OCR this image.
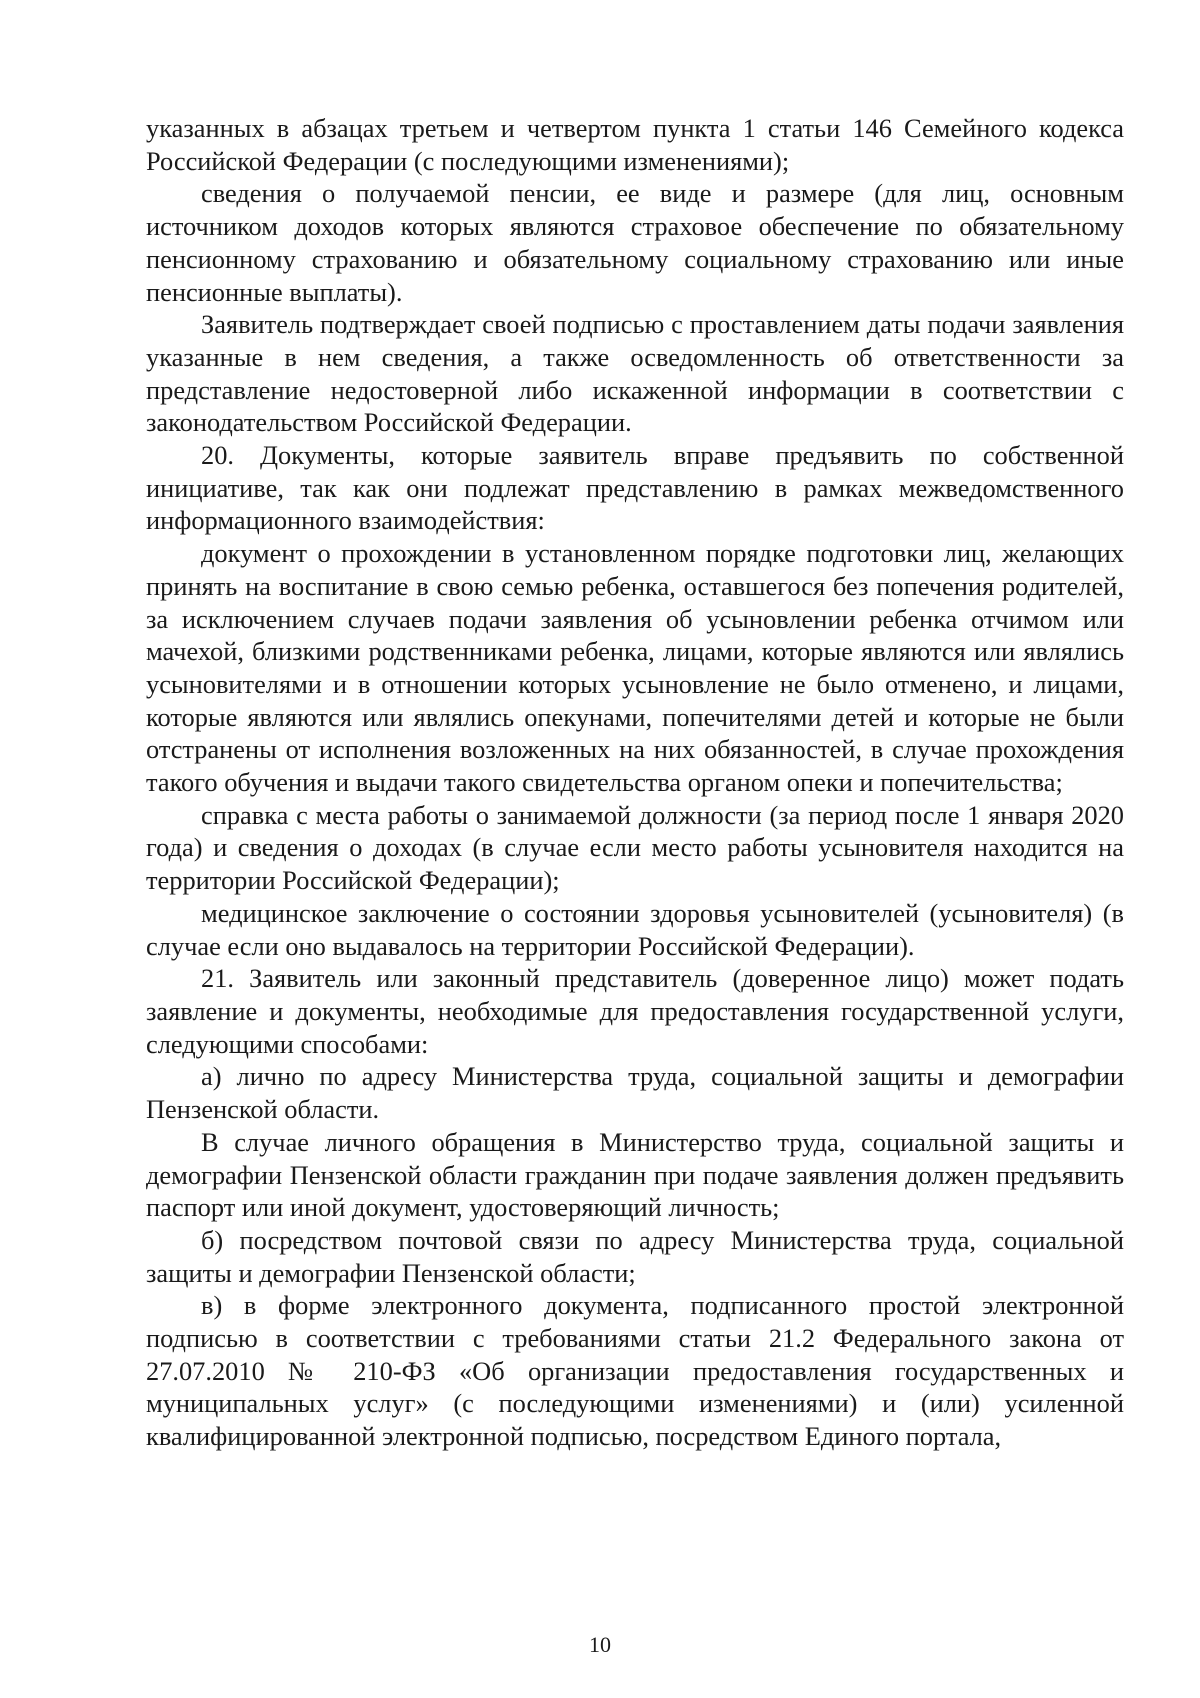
указанных в абзацах третьем и четвертом пункта 1 статьи 146 Семейного кодекса Российской Федерации (с последующими изменениями);

сведения о получаемой пенсии, ее виде и размере (для лиц, основным источником доходов которых являются страховое обеспечение по обязательному пенсионному страхованию и обязательному социальному страхованию или иные пенсионные выплаты).

Заявитель подтверждает своей подписью с проставлением даты подачи заявления указанные в нем сведения, а также осведомленность об ответственности за представление недостоверной либо искаженной информации в соответствии с законодательством Российской Федерации.

20. Документы, которые заявитель вправе предъявить по собственной инициативе, так как они подлежат представлению в рамках межведомственного информационного взаимодействия:

документ о прохождении в установленном порядке подготовки лиц, желающих принять на воспитание в свою семью ребенка, оставшегося без попечения родителей, за исключением случаев подачи заявления об усыновлении ребенка отчимом или мачехой, близкими родственниками ребенка, лицами, которые являются или являлись усыновителями и в отношении которых усыновление не было отменено, и лицами, которые являются или являлись опекунами, попечителями детей и которые не были отстранены от исполнения возложенных на них обязанностей, в случае прохождения такого обучения и выдачи такого свидетельства органом опеки и попечительства;

справка с места работы о занимаемой должности (за период после 1 января 2020 года) и сведения о доходах (в случае если место работы усыновителя находится на территории Российской Федерации);

медицинское заключение о состоянии здоровья усыновителей (усыновителя) (в случае если оно выдавалось на территории Российской Федерации).

21. Заявитель или законный представитель (доверенное лицо) может подать заявление и документы, необходимые для предоставления государственной услуги, следующими способами:

а) лично по адресу Министерства труда, социальной защиты и демографии Пензенской области.

В случае личного обращения в Министерство труда, социальной защиты и демографии Пензенской области гражданин при подаче заявления должен предъявить паспорт или иной документ, удостоверяющий личность;

б) посредством почтовой связи по адресу Министерства труда, социальной защиты и демографии Пензенской области;

в) в форме электронного документа, подписанного простой электронной подписью в соответствии с требованиями статьи 21.2 Федерального закона от 27.07.2010 № 210-ФЗ «Об организации предоставления государственных и муниципальных услуг» (с последующими изменениями) и (или) усиленной квалифицированной электронной подписью, посредством Единого портала,

10
